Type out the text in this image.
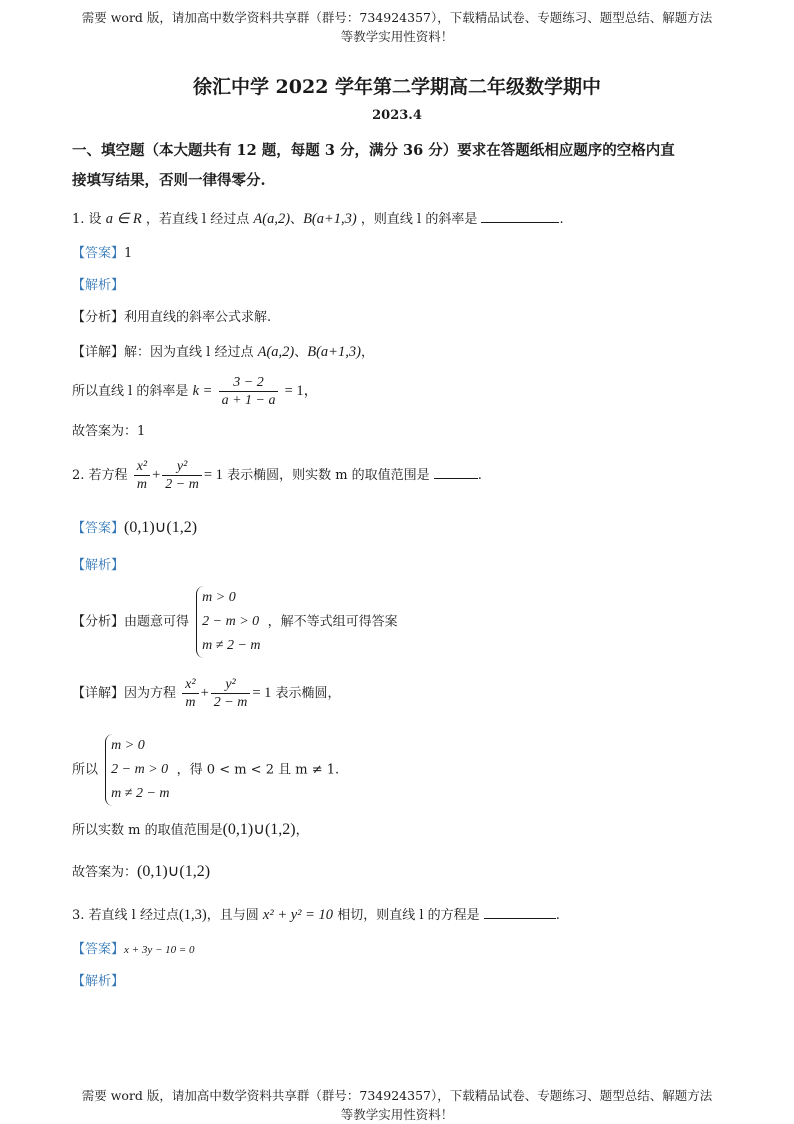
需要 word 版，请加高中数学资料共享群（群号：734924357），下载精品试卷、专题练习、题型总结、解题方法
等教学实用性资料！
徐汇中学 2022 学年第二学期高二年级数学期中
2023.4
一、填空题（本大题共有 12 题，每题 3 分，满分 36 分）要求在答题纸相应题序的空格内直
接填写结果，否则一律得零分.
1. 设 a ∈ R ，若直线 l 经过点 A(a,2)、B(a+1,3) ，则直线 l 的斜率是	.
【答案】1
【解析】
【分析】利用直线的斜率公式求解.
【详解】解：因为直线 l 经过点 A(a,2)、B(a+1,3)，
所以直线 l 的斜率是 $k = \frac{3 - 2}{a + 1 - a} = 1$，
故答案为：1
2. 若方程 $\frac{\text{x²}}{m} + \frac{\text{y²}}{2 - m} = 1$ 表示椭圆，则实数 m 的取值范围是	.
【答案】(0,1)∪(1,2)
【解析】
【分析】由题意可得
m > 0
2 − m > 0
m ≠ 2 − m
，解不等式组可得答案
【详解】因为方程 $\frac{\text{x²}}{m} + \frac{\text{y²}}{2 - m} = 1$ 表示椭圆，
所以
m > 0
2 − m > 0
m ≠ 2 − m
，得 0 < m < 2 且 m ≠ 1.
所以实数 m 的取值范围是(0,1)∪(1,2)，
故答案为：(0,1)∪(1,2)
3. 若直线 l 经过点(1,3)，且与圆 x² + y² = 10 相切，则直线 l 的方程是	.
【答案】x + 3y − 10 = 0
【解析】
需要 word 版，请加高中数学资料共享群（群号：734924357），下载精品试卷、专题练习、题型总结、解题方法
等教学实用性资料！
